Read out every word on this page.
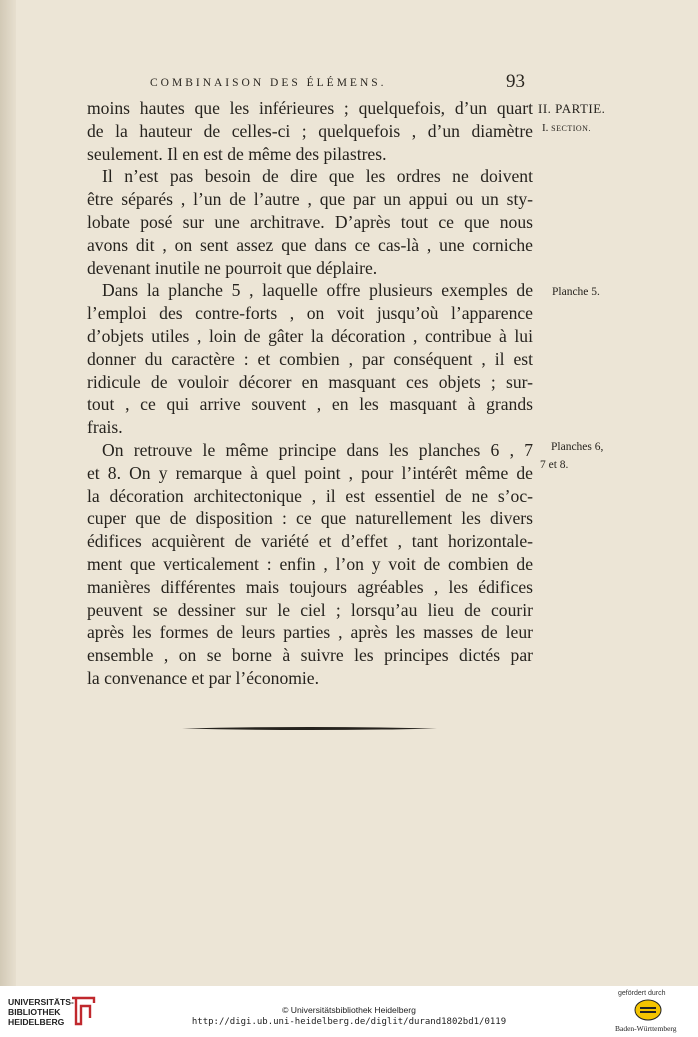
COMBINAISON DES ÉLÉMENS.	93
moins hautes que les inférieures ; quelquefois, d’un quart
de la hauteur de celles-ci ; quelquefois , d’un diamètre
seulement. Il en est de même des pilastres.
Il n’est pas besoin de dire que les ordres ne doivent
être séparés , l’un de l’autre , que par un appui ou un sty-
lobate posé sur une architrave. D’après tout ce que nous
avons dit , on sent assez que dans ce cas-là , une corniche
devenant inutile ne pourroit que déplaire.
Dans la planche 5 , laquelle offre plusieurs exemples de
l’emploi des contre-forts , on voit jusqu’où l’apparence
d’objets utiles , loin de gâter la décoration , contribue à lui
donner du caractère : et combien , par conséquent , il est
ridicule de vouloir décorer en masquant ces objets ; sur-
tout , ce qui arrive souvent , en les masquant à grands
frais.
On retrouve le même principe dans les planches 6 , 7
et 8. On y remarque à quel point , pour l’intérêt même de
la décoration architectonique , il est essentiel de ne s’oc-
cuper que de disposition : ce que naturellement les divers
édifices acquièrent de variété et d’effet , tant horizontale-
ment que verticalement : enfin , l’on y voit de combien de
manières différentes mais toujours agréables , les édifices
peuvent se dessiner sur le ciel ; lorsqu’au lieu de courir
après les formes de leurs parties , après les masses de leur
ensemble , on se borne à suivre les principes dictés par
la convenance et par l’économie.
II. PARTIE.
I. SECTION.
Planche 5.
Planches 6,
7 et 8.
UNIVERSITÄTS-
BIBLIOTHEK
HEIDELBERG
© Universitätsbibliothek Heidelberg
http://digi.ub.uni-heidelberg.de/diglit/durand1802bd1/0119
gefördert durch
Baden-Württemberg
